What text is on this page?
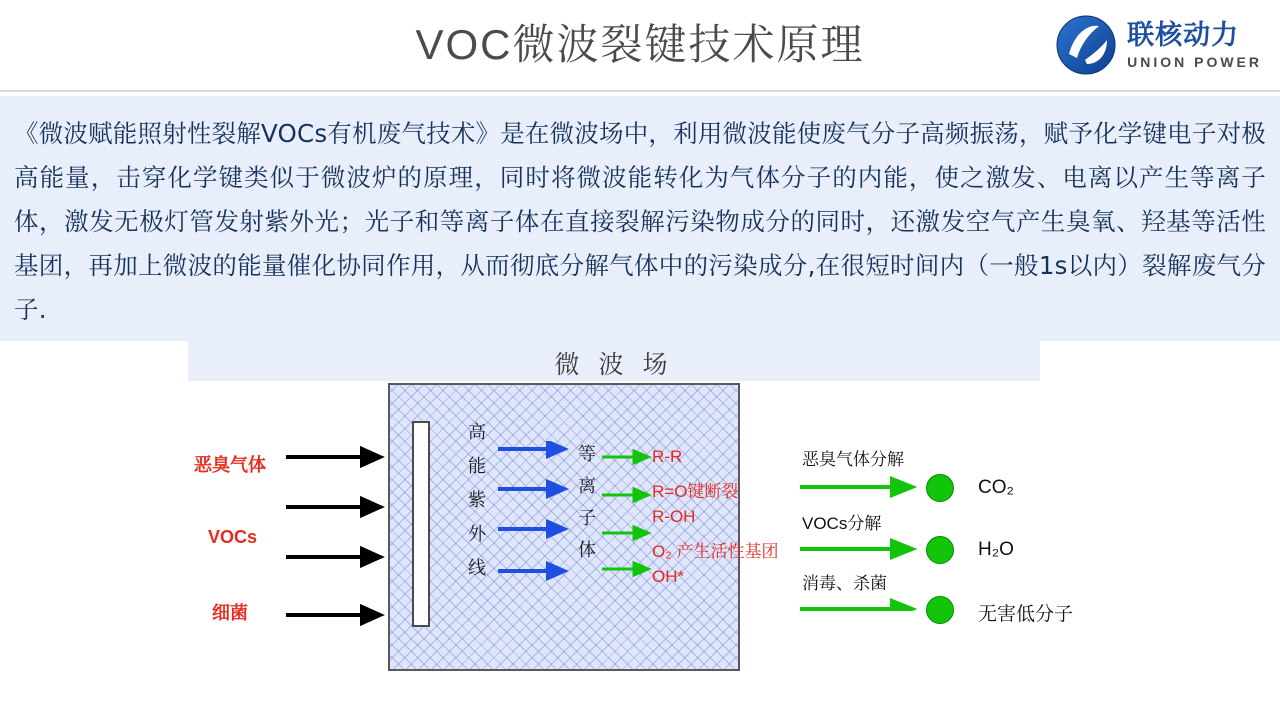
VOC微波裂键技术原理	联核动力
UNION POWER
《微波赋能照射性裂解VOCs有机废气技术》是在微波场中，利用微波能使废气分子高频振荡，赋予化学键电子对极高能量，击穿化学键类似于微波炉的原理，同时将微波能转化为气体分子的内能，使之激发、电离以产生等离子体，激发无极灯管发射紫外光；光子和等离子体在直接裂解污染物成分的同时，还激发空气产生臭氧、羟基等活性基团，再加上微波的能量催化协同作用，从而彻底分解气体中的污染成分,在很短时间内（一般1s以内）裂解废气分子.
微 波 场
恶臭气体
VOCs
细菌
高
能
紫
外
线
等
离
子
体
R-R
R=O键断裂
R-OH
O₂ 产生活性基团
OH*
恶臭气体分解
VOCs分解
消毒、杀菌
CO₂
H₂O
无害低分子
